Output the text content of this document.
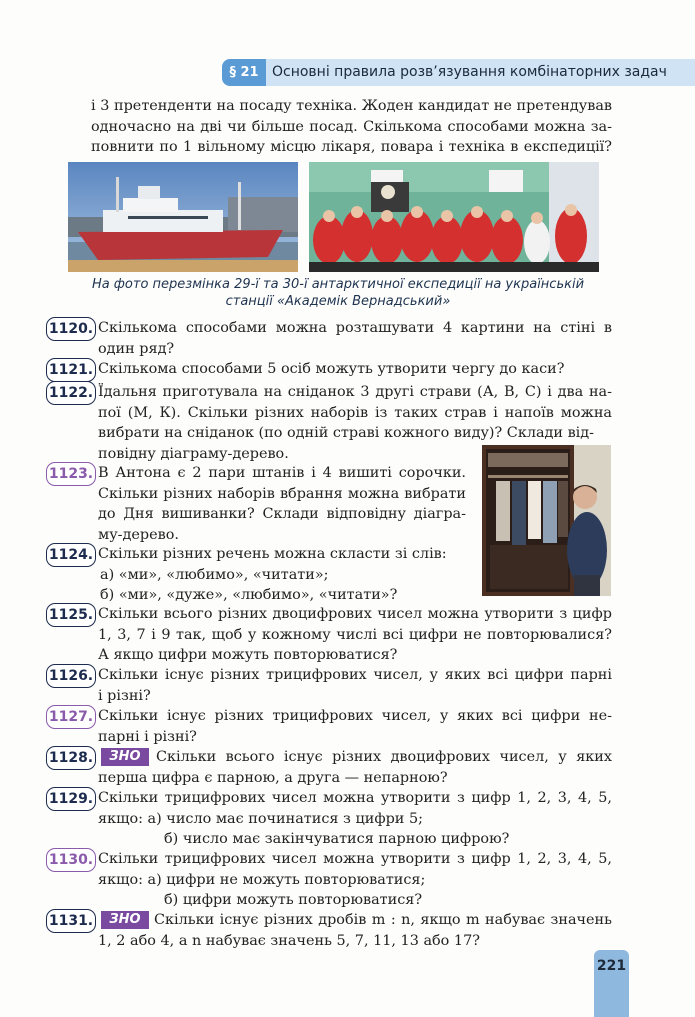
§ 21 Основні правила розв’язування комбінаторних задач
і 3 претенденти на посаду техніка. Жоден кандидат не претендував
одночасно на дві чи більше посад. Скількома способами можна за-
повнити по 1 вільному місцю лікаря, повара і техніка в експедиції?
На фото перезмінка 29-ї та 30-ї антарктичної експедиції на українській
станції «Академік Вернадський»
1120. Скількома способами можна розташувати 4 картини на стіні в
один ряд?
1121. Скількома способами 5 осіб можуть утворити чергу до каси?
1122. Їдальня приготувала на сніданок 3 другі страви (А, В, С) і два на-
пої (М, К). Скільки різних наборів із таких страв і напоїв можна
вибрати на сніданок (по одній страві кожного виду)? Склади від-
повідну діаграму-дерево.
1123. В Антона є 2 пари штанів і 4 вишиті сорочки.
Скільки різних наборів вбрання можна вибрати
до Дня вишиванки? Склади відповідну діагра-
му-дерево.
1124. Скільки різних речень можна скласти зі слів:
а) «ми», «любимо», «читати»;
б) «ми», «дуже», «любимо», «читати»?
1125. Скільки всього різних двоцифрових чисел можна утворити з цифр
1, 3, 7 і 9 так, щоб у кожному числі всі цифри не повторювалися?
А якщо цифри можуть повторюватися?
1126. Скільки існує різних трицифрових чисел, у яких всі цифри парні
і різні?
1127. Скільки існує різних трицифрових чисел, у яких всі цифри не-
парні і різні?
1128.	ЗНО	Скільки всього існує різних двоцифрових чисел, у яких
перша цифра є парною, а друга — непарною?
1129. Скільки трицифрових чисел можна утворити з цифр 1, 2, 3, 4, 5,
якщо: а) число має починатися з цифри 5;
б) число має закінчуватися парною цифрою?
1130. Скільки трицифрових чисел можна утворити з цифр 1, 2, 3, 4, 5,
якщо: а) цифри не можуть повторюватися;
б) цифри можуть повторюватися?
1131.	ЗНО Скільки існує різних дробів m : n, якщо m набуває значень
1, 2 або 4, а n набуває значень 5, 7, 11, 13 або 17?
221
